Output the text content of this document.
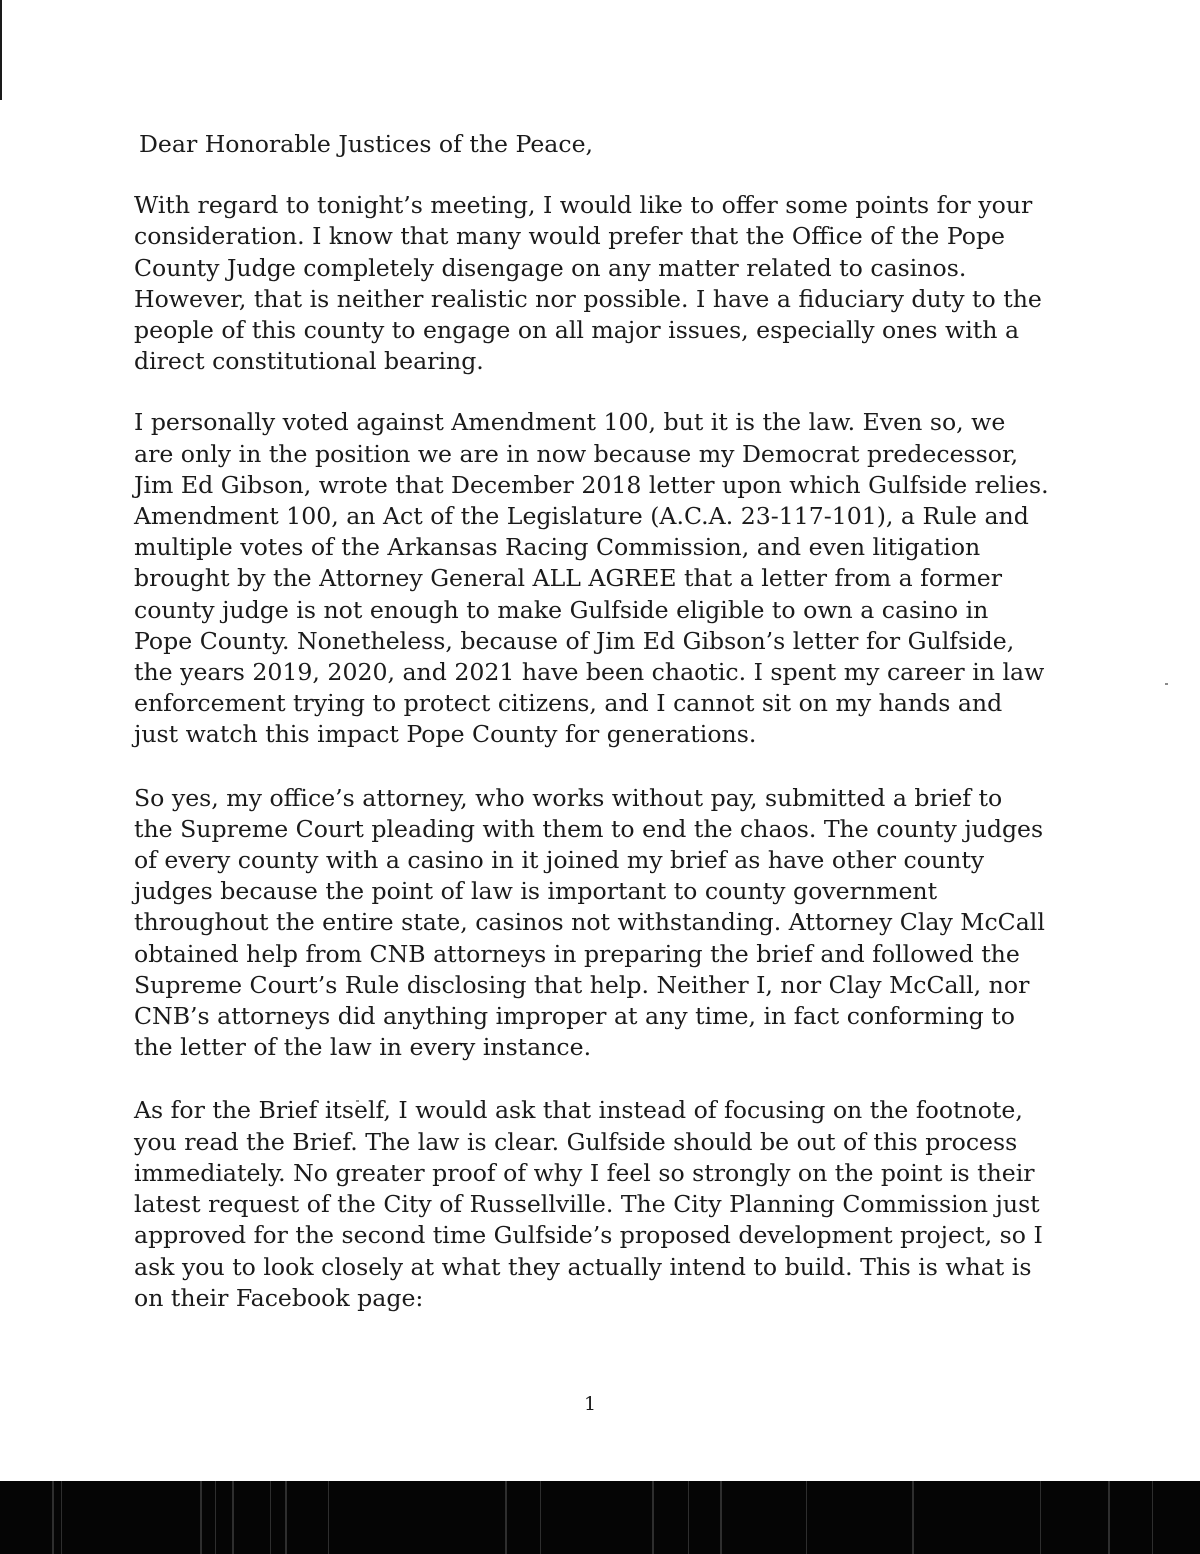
Dear Honorable Justices of the Peace,

With regard to tonight’s meeting, I would like to offer some points for your
consideration. I know that many would prefer that the Office of the Pope
County Judge completely disengage on any matter related to casinos.
However, that is neither realistic nor possible. I have a fiduciary duty to the
people of this county to engage on all major issues, especially ones with a
direct constitutional bearing.

I personally voted against Amendment 100, but it is the law. Even so, we
are only in the position we are in now because my Democrat predecessor,
Jim Ed Gibson, wrote that December 2018 letter upon which Gulfside relies.
Amendment 100, an Act of the Legislature (A.C.A. 23-117-101), a Rule and
multiple votes of the Arkansas Racing Commission, and even litigation
brought by the Attorney General ALL AGREE that a letter from a former
county judge is not enough to make Gulfside eligible to own a casino in
Pope County. Nonetheless, because of Jim Ed Gibson’s letter for Gulfside,
the years 2019, 2020, and 2021 have been chaotic. I spent my career in law
enforcement trying to protect citizens, and I cannot sit on my hands and
just watch this impact Pope County for generations.

So yes, my office’s attorney, who works without pay, submitted a brief to
the Supreme Court pleading with them to end the chaos. The county judges
of every county with a casino in it joined my brief as have other county
judges because the point of law is important to county government
throughout the entire state, casinos not withstanding. Attorney Clay McCall
obtained help from CNB attorneys in preparing the brief and followed the
Supreme Court’s Rule disclosing that help. Neither I, nor Clay McCall, nor
CNB’s attorneys did anything improper at any time, in fact conforming to
the letter of the law in every instance.

As for the Brief itself, I would ask that instead of focusing on the footnote,
you read the Brief. The law is clear. Gulfside should be out of this process
immediately. No greater proof of why I feel so strongly on the point is their
latest request of the City of Russellville. The City Planning Commission just
approved for the second time Gulfside’s proposed development project, so I
ask you to look closely at what they actually intend to build. This is what is
on their Facebook page:

1
